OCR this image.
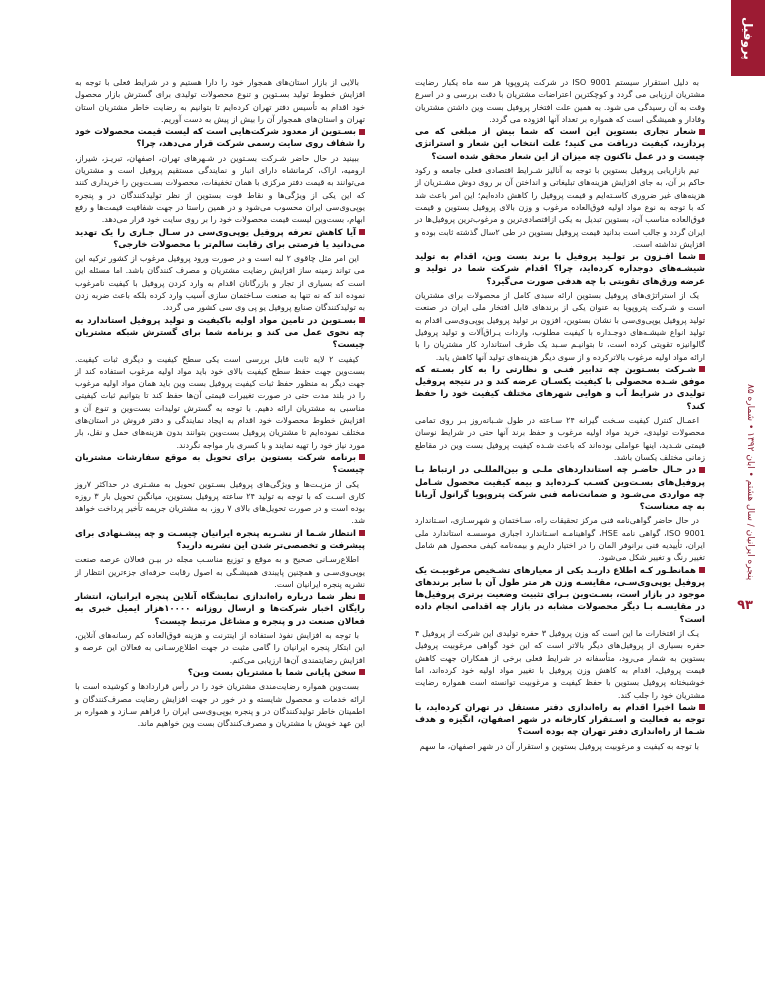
پروفیل
پنجره ایرانیان / سال هشتم • ابان ۱۳۹۲ • شماره ۸۵
۹۳

به دلیل استقرار سیستم ISO 9001 در شرکت پتروپویا هر سه ماه یکبار رضایت مشتریان ارزیابی می گردد و کوچکترین اعتراضات مشتریان با دقت بررسی و در اسرع وقت به آن رسیدگی می شود. به همین علت افتخار پروفیل بست وین داشتن مشتریان وفادار و همیشگی است که همواره بر تعداد آنها افزوده می گردد.

شعار تجاری بستوین این است که شما بیش از مبلغی که می پردازید، کیفیت دریافت می کنید؛ علت انتخاب این شعار و استراتژی چیست و در عمل تاکنون چه میزان از این شعار محقق شده است؟

تیم بازاریابی پروفیل بستوین با توجه به آنالیز شـرایط اقتصادی فعلی جامعه و رکود حاکم بر آن، به جای افزایش هزینه‌های تبلیغاتی و انداختن آن بر روی دوش مشـتریان از هزینه‌های غیر ضروری کاسـته‌ایم و قیمت پروفیل را کاهش داده‌ایم؛ این امر باعث شد که با توجه به نوع مواد اولیه فوق‌العاده مرغوب و وزن بالای پروفیل بستوین و قیمت فوق‌العاده مناسب آن، بستوین تبدیل به یکی ازاقتصادی‌ترین و مرغوب‌ترین پروفیل‌ها در ایران گردد و جالب است بدانید قیمت پروفیل بستوین در طی ۲سال گذشته ثابت بوده و افزایش نداشته است.

شما افـزون بر تولـید پروفیل با برند بست وین، اقدام به تولید شیشـه‌های دوجداره کرده‌اید، چرا؟ اقدام شرکت شما در تولید و عرضه ورق‌های تقویتی با چه هدفی صورت می‌گیرد؟

یک از استراتژی‌های پروفیل بستوین ارائه سبدی کامل از محصولات برای مشتریان است و شـرکت پتروپویا به عنوان یکی از برندهای قابل افتخار ملی ایران در صنعت تولید پروفیل یوپی‌وی‌سی با نشان بستوین، افزون بر تولید پروفیل یوپی‌وی‌سی اقدام به تولید انواع شیشـه‌های دوجـداره با کیفیت مطلوب، واردات یـراق‌آلات و تولید پروفیل گالوانیزه تقویتی کرده است، تا بتوانیـم سـبد یک طرف استاندارد کار مشتریان را با ارائه مواد اولیه مرغوب بالاترکرده و از سوی دیگر هزینه‌های تولید آنها کاهش یابد.

شـرکت بسـتوین چه تدابیر فنـی و نظارتی را به کار بسـته که موفق شـده محصولی با کیفیت یکسـان عرضه کند و در نتیجه پروفیل تولیدی در شرایط آب و هوایی شهرهای مختلف کیفیت خود را حفظ کند؟

اعمـال کنترل کیفیت سـخت گیرانه ۲۴ سـاعته در طول شـبانه‌روز بـر روی تمامی محصولات تولیدی، خرید مواد اولیه مرغوب و حفظ برند آنها حتی در شرایط نوسان قیمتی شـدید، اینها عواملی بوده‌اند که باعث شـده کیفیت پروفیل بست وین در مقاطع زمانی مختلف یکسان باشد.

در حـال حاضـر چه استانداردهای ملـی و بین‌المللـی در ارتباط بـا پروفیل‌های بسـت‌وین کسـب کـرده‌اید و بیمه کیفیت محصول شـامل چه مواردی می‌شـود و ضمانت‌نامه فنی شرکت پتروپویا گرانول آریانا به چه معناست؟

در حال حاضر گواهی‌نامه فنی مرکز تحقیقات راه، سـاختمان و شهرسـازی، اسـتاندارد ISO 9001، گواهی نامه HSE، گواهینامـه اسـتاندارد اجباری موسسـه استاندارد ملی ایران، تأییدیه فنی برانوفر المان را در اختیار داریم و بیمه‌نامه کیفی محصول هم شامل تغییر رنگ و تغییر شکل می‌شود.

همانطـور کـه اطلاع داریـد یکی از معیارهای تشـخیص مرغوبیـت یک پروفیل یوپی‌وی‌سـی، مقایسـه وزن هر متر طول آن با سایر برندهای موجود در بازار است، بسـت‌وین بـرای تثبیت وضعیت برتری پروفیل‌ها در مقایسـه بـا دیگر محصولات مشابه در بازار چه اقدامی انجام داده است؟

یـک از افتخارات ما این است که وزن پروفیل ۳ حفره تولیدی این شرکت از پروفیل ۴ حفره بسیاری از پروفیل‌های دیگر بالاتر است که این خود گواهی مرغوبیت پروفیل بستوین به شمار می‌رود، متأسفانه در شرایط فعلی برخی از همکاران جهت کاهش قیمت پروفیل، اقدام به کاهش وزن پروفیل با تغییر مواد اولیه خود کرده‌اند، اما خوشبختانه پروفیل بستوین با حفظ کیفیت و مرغوبیت توانسته است همواره رضایت مشتریان خود را جلب کند.

شما اخیرا اقدام به راه‌اندازی دفتر مستقل در تهران کرده‌اید، با توجه به فعالیت و اسـتقرار کارخانه در شهر اصفهان، انگیزه و هدف شـما از راه‌اندازی دفتر تهران چه بوده است؟

با توجه به کیفیت و مرغوبیت پروفیل بستوین و استقرار آن در شهر اصفهان، ما سهم

بالایی از بازار استان‌های همجوار خود را دارا هستیم و در شرایط فعلی با توجه به افزایش خطوط تولید بسـتوین و تنوع محصولات تولیدی برای گسترش بازار محصول خود اقدام به تأسیس دفتر تهران کرده‌ایم تا بتوانیم به رضایت خاطر مشتریان استان تهران و استان‌های همجوار آن را بیش از پیش به دست آوریم.

بسـتوین از معدود شرکت‌هایی است که لیست قیمت محصولات خود را شفاف روی سایت رسمی شرکت قرار می‌دهد، چرا؟

ببینید در حال حاضر شـرکت بسـتوین در شـهرهای تهران، اصفهان، تبریـز، شیراز، ارومیه، اراک، کرمانشاه دارای انبار و نمایندگی مستقیم پروفیل است و مشتریان می‌توانند به قیمت دفتر مرکزی با همان تخفیفات، محصولات بسـت‌وین را خریداری کنند که این یکی از ویژگی‌ها و نقاط قوت بستوین از نظر تولیدکنندگان در و پنجره یوپی‌وی‌سی ایران محسوب می‌شود و در همین راستا در جهت شفافیت قیمت‌ها و رفع ابهام، بست‌وین لیست قیمت محصولات خود را بر روی سایت خود قرار می‌دهد.

آیا کاهش تعرفه پروفیل یوپی‌وی‌سی در سـال جـاری را یک تهدید می‌دانید یا فرصتی برای رقابت سالم‌تر با محصولات خارجی؟

این امر مثل چاقوی ۲ لبه است و در صورت ورود پروفیل مرغوب از کشور ترکیه این می تواند زمینه ساز افزایش رضایت مشتریان و مصرف کنندگان باشد. اما مسئله این است که بسیاری از تجار و بازرگانان اقدام به وارد کردن پروفیل با کیفیت نامرغوب نموده اند که نه تنها به صنعت سـاختمان سازی آسیب وارد کرده بلکه باعث ضربه زدن به تولیدکنندگان صنایع پروفیل یو پی وی سی کشور می گردد.

بسـتوین در تامین مواد اولیه باکیفیت و تولید پروفیل استاندارد به چه نحوی عمل می کند و برنامه شما برای گسترش شبکه مشتریان چیست؟

کیفیت ۲ لایه ثابت قابل بررسی است یکی سطح کیفیت و دیگری ثبات کیفیت. بست‌وین جهت حفظ سطح کیفیت بالای خود باید مواد اولیه مرغوب استفاده کند از جهت دیگر به منظور حفظ ثبات کیفیت پروفیل بست وین باید همان مواد اولیه مرغوب را در بلند مدت حتی در صورت تغییرات قیمتی آن‌ها حفظ کند تا بتوانیم ثبات کیفیتی مناسبی به مشتریان ارائه دهیم. با توجه به گسترش تولیدات بست‌وین و تنوع آن و افزایش خطوط محصولات خود اقدام به ایجاد نمایندگی و دفتر فروش در استان‌های مختلف نموده‌ایم تا مشتریان پروفیل بست‌وین بتوانند بدون هزینه‌های حمل و نقل، بار مورد نیاز خود را تهیه نمایند و با کسری بار مواجه نگردند.

برنامه شرکت بستوین برای تحویل به موقع سفارشات مشتریان چیست؟

یکی از مزیـت‌ها و ویژگی‌های پروفیل بسـتوین تحویل به مشـتری در حداکثر ۷روز کاری اسـت که با توجه به تولید ۲۴ ساعته پروفیل بستوین، میانگین تحویل بار ۳ روزه بوده است و در صورت تحویل‌های بالای ۷ روز، به مشتریان جریمه تأخیر پرداخت خواهد شد.

انتظار شـما از نشـریه پنجره ایرانیان چیسـت و چه پیشـنهادی برای پیشرفت و تخصصی‌تر شدن این نشریه دارید؟

اطلاع‌رسـانی صحیح و به موقع و توزیع مناسـب مجله در بیـن فعالان عرصه صنعت یوپی‌وی‌سـی و همچنین پایبندی همیشـگی به اصول رقابت حرفه‌ای جزء‌ترین انتظار از نشریه پنجره ایرانیان است.

نظر شما درباره راه‌اندازی نمایشگاه آنلاین پنجره ایرانیان، انتشار رایگان اخبار شرکت‌ها و ارسال روزانه ۱۰۰۰۰هزار ایمیل خبری به فعالان صنعت در و پنجره و مشاغل مرتبط چیست؟

با توجه به افزایش نفوذ استفاده از اینترنت و هزینه فوق‌العاده کم رسانه‌های آنلاین، این ابتکار پنجره ایرانیان را گامی مثبت در جهت اطلاع‌رسـانی به فعالان این عرصه و افزایش رضایتمندی آن‌ها ارزیابی می‌کنم.

سخن پایانی شما با مشتریان بست وین؟

بست‌وین همواره رضایت‌مندی مشتریان خود را در رأس قراردادها و کوشیده است با ارائه خدمات و محصول شایسته و در خور در جهت افزایش رضایت مصرف‌کنندگان و اطمینان خاطر تولیدکنندگان در و پنجره یوپی‌وی‌سی ایران را فراهم سـازد و همواره بر این عهد خویش با مشتریان و مصرف‌کنندگان بست وین خواهیم ماند.
